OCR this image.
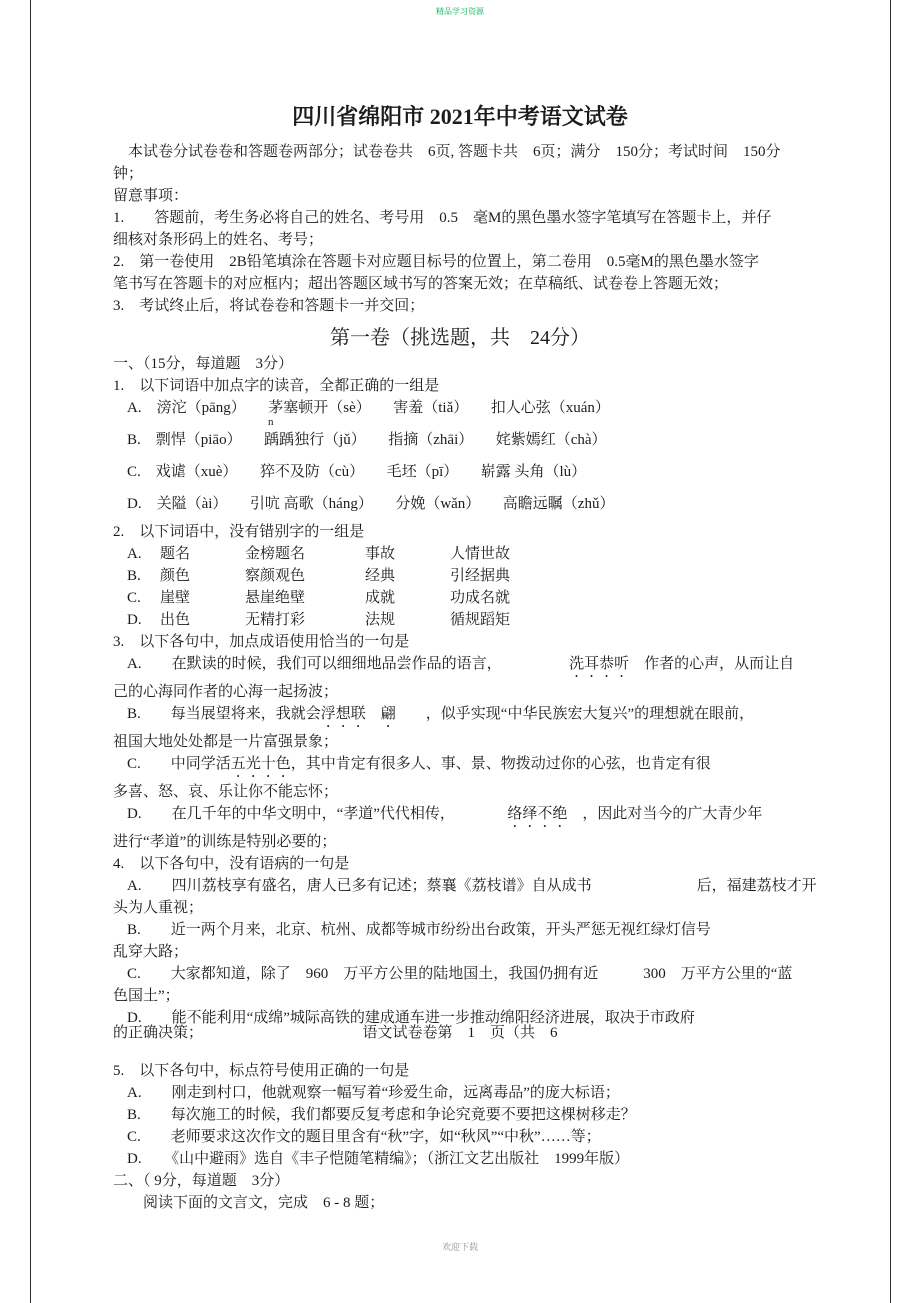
精品学习资源
四川省绵阳市 2021年中考语文试卷

　本试卷分试卷卷和答题卷两部分；试卷卷共　6页, 答题卡共　6页；满分　150分；考试时间　150分

钟；

留意事项：

1.　　答题前，考生务必将自己的姓名、考号用　0.5　毫M的黑色墨水签字笔填写在答题卡上，并仔

细核对条形码上的姓名、考号；

2.　第一卷使用　2B铅笔填涂在答题卡对应题目标号的位置上，第二卷用　0.5毫M的黑色墨水签字

笔书写在答题卡的对应框内；超出答题区域书写的答案无效；在草稿纸、试卷卷上答题无效；

3.　考试终止后，将试卷卷和答题卡一并交回；

第一卷（挑选题，共　24分）

一、（15分，每道题　3分）

1.　以下词语中加点字的读音，全都正确的一组是

A.　滂沱（pāng）　　茅塞顿开（sè）　　害羞（tiǎ）　　扣人心弦（xuán）

n
B.　剽悍（piāo）　　踽踽独行（jǔ）　　指摘（zhāi）　　姹紫嫣红（chà）

C.　戏谑（xuè）　　猝不及防（cù）　　毛坯（pī）　　崭露 头角（lù）

D.　关隘（ài）　　引吭 高歌（háng）　　分娩（wǎn）　　高瞻远瞩（zhǔ）

2.　以下词语中，没有错别字的一组是

A. 题名	金榜题名	事故	人情世故
B. 颜色	察颜观色	经典	引经据典
C. 崖壁	悬崖绝壁	成就	功成名就
D. 出色	无精打彩	法规	循规蹈矩

3.　以下各句中，加点成语使用恰当的一句是

A.　　在默读的时候，我们可以细细地品尝作品的语言，　　　　　洗耳恭听　作者的心声，从而让自

己的心海同作者的心海一起扬波；

B.　　每当展望将来，我就会浮想联　翩　　，似乎实现“中华民族宏大复兴”的理想就在眼前，

祖国大地处处都是一片富强景象；

C.　　中同学活五光十色，其中肯定有很多人、事、景、物拨动过你的心弦，也肯定有很

多喜、怒、哀、乐让你不能忘怀；

D.　　在几千年的中华文明中，“孝道”代代相传，　　　　络绎不绝　，因此对当今的广大青少年

进行“孝道”的训练是特别必要的；

4.　以下各句中，没有语病的一句是

A.　　四川荔枝享有盛名，唐人已多有记述；蔡襄《荔枝谱》自从成书　　　　　　　后，福建荔枝才开

头为人重视；

B.　　近一两个月来，北京、杭州、成都等城市纷纷出台政策，开头严惩无视红绿灯信号

乱穿大路；

C.　　大家都知道，除了　960　万平方公里的陆地国土，我国仍拥有近　　　300　万平方公里的“蓝

色国土”；

D.　　能不能利用“成绵”城际高铁的建成通车进一步推动绵阳经济进展，取决于市政府

的正确决策；	语文试卷卷第　1　页（共　6

5.　以下各句中，标点符号使用正确的一句是

A.　　刚走到村口，他就观察一幅写着“珍爱生命，远离毒品”的庞大标语；

B.　　每次施工的时候，我们都要反复考虑和争论究竟要不要把这棵树移走？

C.　　老师要求这次作文的题目里含有“秋”字，如“秋风”“中秋”……等；

D.　　《山中避雨》选自《丰子恺随笔精编》；（浙江文艺出版社　1999年版）

二、（ 9分，每道题　3分）

阅读下面的文言文，完成　6 - 8 题；

欢迎下载
